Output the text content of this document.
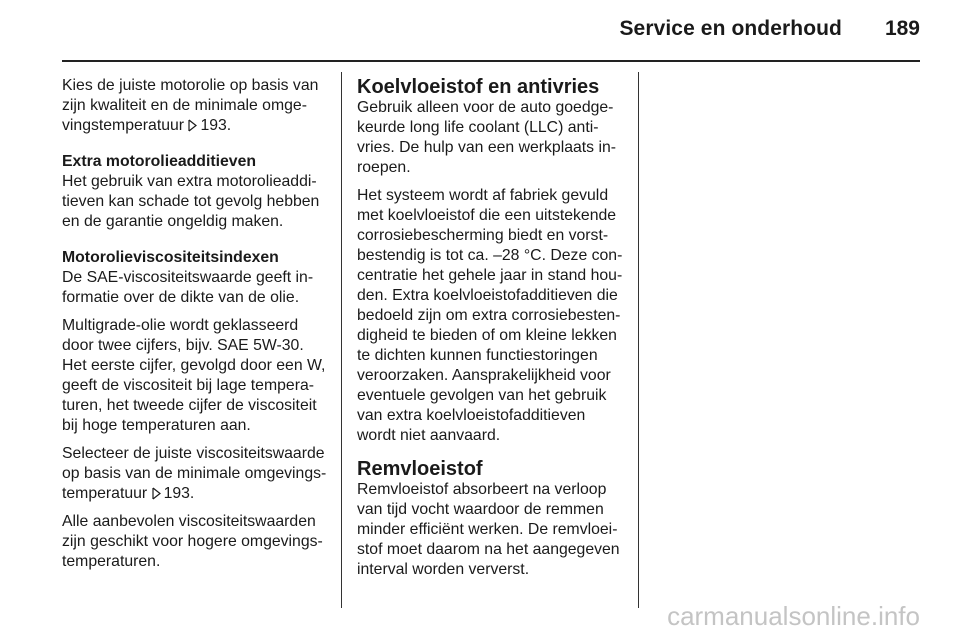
Service en onderhoud 189

Kies de juiste motorolie op basis van
zijn kwaliteit en de minimale omge-
vingstemperatuur 193.

Extra motorolieadditieven

Het gebruik van extra motorolieaddi-
tieven kan schade tot gevolg hebben
en de garantie ongeldig maken.

Motorolieviscositeitsindexen

De SAE-viscositeitswaarde geeft in-
formatie over de dikte van de olie.

Multigrade-olie wordt geklasseerd
door twee cijfers, bijv. SAE 5W-30.
Het eerste cijfer, gevolgd door een W,
geeft de viscositeit bij lage tempera-
turen, het tweede cijfer de viscositeit
bij hoge temperaturen aan.

Selecteer de juiste viscositeitswaarde
op basis van de minimale omgevings-
temperatuur 193.

Alle aanbevolen viscositeitswaarden
zijn geschikt voor hogere omgevings-
temperaturen.

Koelvloeistof en antivries

Gebruik alleen voor de auto goedge-
keurde long life coolant (LLC) anti-
vries. De hulp van een werkplaats in-
roepen.

Het systeem wordt af fabriek gevuld
met koelvloeistof die een uitstekende
corrosiebescherming biedt en vorst-
bestendig is tot ca. –28 °C. Deze con-
centratie het gehele jaar in stand hou-
den. Extra koelvloeistofadditieven die
bedoeld zijn om extra corrosiebesten-
digheid te bieden of om kleine lekken
te dichten kunnen functiestoringen
veroorzaken. Aansprakelijkheid voor
eventuele gevolgen van het gebruik
van extra koelvloeistofadditieven
wordt niet aanvaard.

Remvloeistof

Remvloeistof absorbeert na verloop
van tijd vocht waardoor de remmen
minder efficiënt werken. De remvloei-
stof moet daarom na het aangegeven
interval worden ververst.

carmanualsonline.info
